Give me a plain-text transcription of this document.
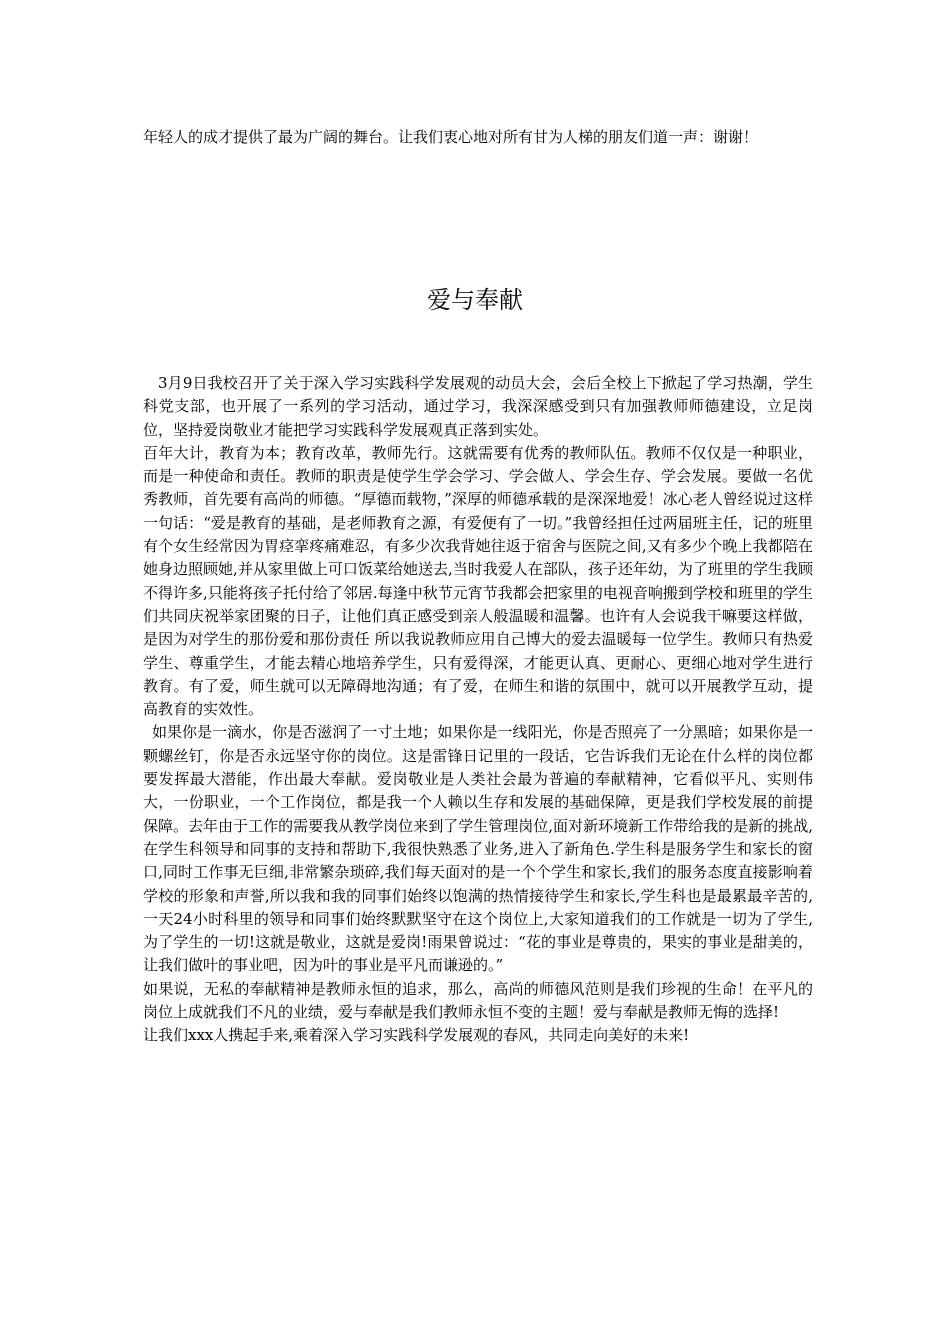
年轻人的成才提供了最为广阔的舞台。让我们衷心地对所有甘为人梯的朋友们道一声：谢谢！
爱与奉献

3月9日我校召开了关于深入学习实践科学发展观的动员大会，会后全校上下掀起了学习热潮，学生科党支部，也开展了一系列的学习活动，通过学习，我深深感受到只有加强教师师德建设，立足岗位，坚持爱岗敬业才能把学习实践科学发展观真正落到实处。

百年大计，教育为本；教育改革，教师先行。这就需要有优秀的教师队伍。教师不仅仅是一种职业，而是一种使命和责任。教师的职责是使学生学会学习、学会做人、学会生存、学会发展。要做一名优秀教师，首先要有高尚的师德。“厚德而载物，”深厚的师德承载的是深深地爱！冰心老人曾经说过这样一句话：“爱是教育的基础，是老师教育之源，有爱便有了一切。”我曾经担任过两届班主任，记的班里有个女生经常因为胃痉挛疼痛难忍，有多少次我背她往返于宿舍与医院之间,又有多少个晚上我都陪在她身边照顾她,并从家里做上可口饭菜给她送去,当时我爱人在部队，孩子还年幼，为了班里的学生我顾不得许多,只能将孩子托付给了邻居.每逢中秋节元宵节我都会把家里的电视音响搬到学校和班里的学生们共同庆祝举家团聚的日子，让他们真正感受到亲人般温暖和温馨。也许有人会说我干嘛要这样做，是因为对学生的那份爱和那份责任 所以我说教师应用自己博大的爱去温暖每一位学生。教师只有热爱学生、尊重学生，才能去精心地培养学生，只有爱得深，才能更认真、更耐心、更细心地对学生进行教育。有了爱，师生就可以无障碍地沟通；有了爱，在师生和谐的氛围中，就可以开展教学互动，提高教育的实效性。

如果你是一滴水，你是否滋润了一寸土地；如果你是一线阳光，你是否照亮了一分黑暗；如果你是一颗螺丝钉，你是否永远坚守你的岗位。这是雷锋日记里的一段话，它告诉我们无论在什么样的岗位都要发挥最大潜能，作出最大奉献。爱岗敬业是人类社会最为普遍的奉献精神，它看似平凡、实则伟大，一份职业，一个工作岗位，都是我一个人赖以生存和发展的基础保障，更是我们学校发展的前提保障。去年由于工作的需要我从教学岗位来到了学生管理岗位,面对新环境新工作带给我的是新的挑战,在学生科领导和同事的支持和帮助下,我很快熟悉了业务,进入了新角色.学生科是服务学生和家长的窗口,同时工作事无巨细,非常繁杂琐碎,我们每天面对的是一个个学生和家长,我们的服务态度直接影响着学校的形象和声誉,所以我和我的同事们始终以饱满的热情接待学生和家长,学生科也是最累最辛苦的,一天24小时科里的领导和同事们始终默默坚守在这个岗位上,大家知道我们的工作就是一切为了学生,为了学生的一切!这就是敬业，这就是爱岗!雨果曾说过：“花的事业是尊贵的，果实的事业是甜美的，让我们做叶的事业吧，因为叶的事业是平凡而谦逊的。”

如果说，无私的奉献精神是教师永恒的追求，那么，高尚的师德风范则是我们珍视的生命！在平凡的岗位上成就我们不凡的业绩，爱与奉献是我们教师永恒不变的主题！爱与奉献是教师无悔的选择!

让我们xxx人携起手来,乘着深入学习实践科学发展观的春风，共同走向美好的未来!
